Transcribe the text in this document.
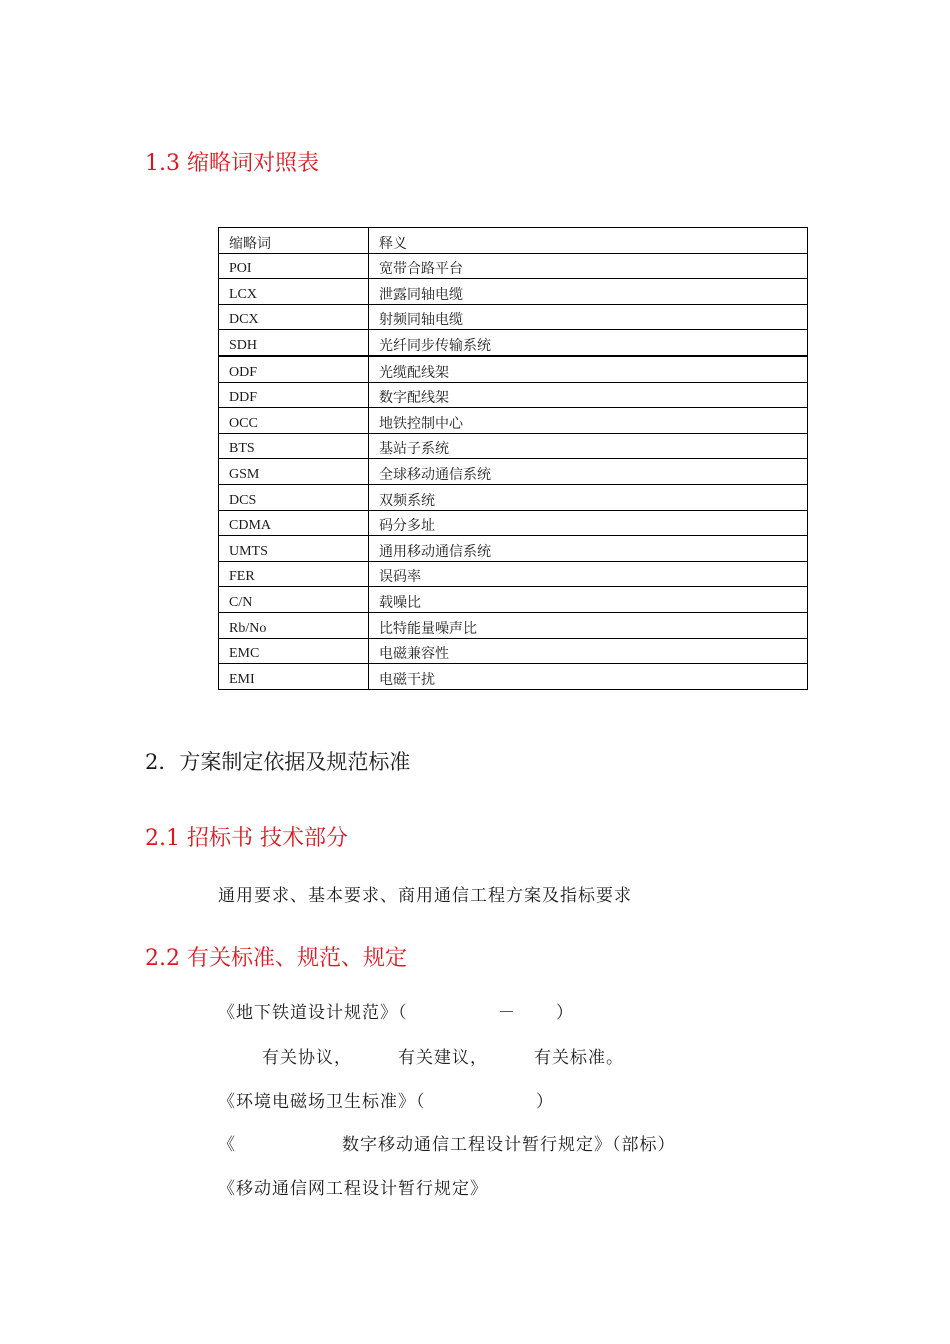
1.3 缩略词对照表
缩略词	释义
POI	宽带合路平台
LCX	泄露同轴电缆
DCX	射频同轴电缆
SDH	光纤同步传输系统
ODF	光缆配线架
DDF	数字配线架
OCC	地铁控制中心
BTS	基站子系统
GSM	全球移动通信系统
DCS	双频系统
CDMA	码分多址
UMTS	通用移动通信系统
FER	误码率
C/N	载噪比
Rb/No	比特能量噪声比
EMC	电磁兼容性
EMI	电磁干扰
2．方案制定依据及规范标准
2.1 招标书 技术部分
通用要求、基本要求、商用通信工程方案及指标要求
2.2 有关标准、规范、规定
《地下铁道设计规范》（	－ ）
有关协议，	有关建议，	有关标准。
《环境电磁场卫生标准》（	）
《	数字移动通信工程设计暂行规定》（部标）
《移动通信网工程设计暂行规定》
